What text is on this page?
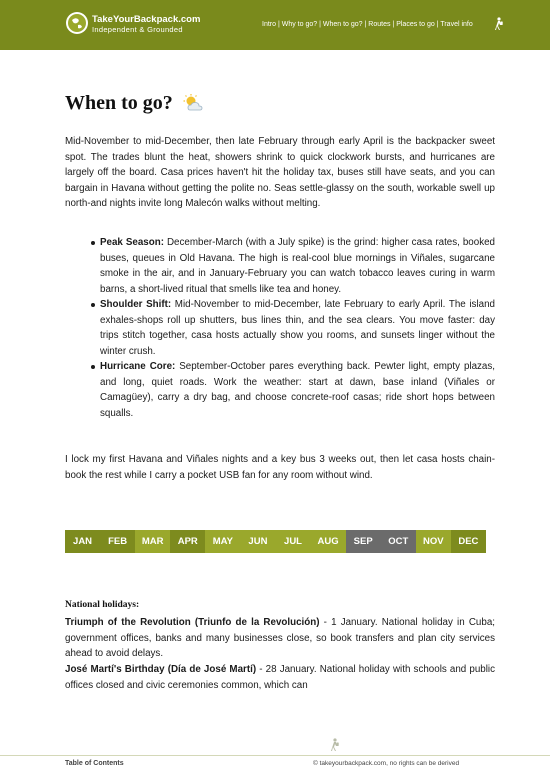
TakeYourBackpack.com
Independent & Grounded
Intro | Why to go? | When to go? | Routes | Places to go | Travel info
When to go?
Mid-November to mid-December, then late February through early April is the backpacker sweet spot. The trades blunt the heat, showers shrink to quick clockwork bursts, and hurricanes are largely off the board. Casa prices haven't hit the holiday tax, buses still have seats, and you can bargain in Havana without getting the polite no. Seas settle-glassy on the south, workable swell up north-and nights invite long Malecón walks without melting.
Peak Season: December-March (with a July spike) is the grind: higher casa rates, booked buses, queues in Old Havana. The high is real-cool blue mornings in Viñales, sugarcane smoke in the air, and in January-February you can watch tobacco leaves curing in warm barns, a short-lived ritual that smells like tea and honey.
Shoulder Shift: Mid-November to mid-December, late February to early April. The island exhales-shops roll up shutters, bus lines thin, and the sea clears. You move faster: day trips stitch together, casa hosts actually show you rooms, and sunsets linger without the winter crush.
Hurricane Core: September-October pares everything back. Pewter light, empty plazas, and long, quiet roads. Work the weather: start at dawn, base inland (Viñales or Camagüey), carry a dry bag, and choose concrete-roof casas; ride short hops between squalls.
I lock my first Havana and Viñales nights and a key bus 3 weeks out, then let casa hosts chain-book the rest while I carry a pocket USB fan for any room without wind.
JAN	FEB	MAR	APR	MAY	JUN	JUL	AUG	SEP	OCT	NOV	DEC
National holidays:
Triumph of the Revolution (Triunfo de la Revolución) - 1 January. National holiday in Cuba; government offices, banks and many businesses close, so book transfers and plan city services ahead to avoid delays.
José Martí's Birthday (Día de José Martí) - 28 January. National holiday with schools and public offices closed and civic ceremonies common, which can
Table of Contents	© takeyourbackpack.com, no rights can be derived
